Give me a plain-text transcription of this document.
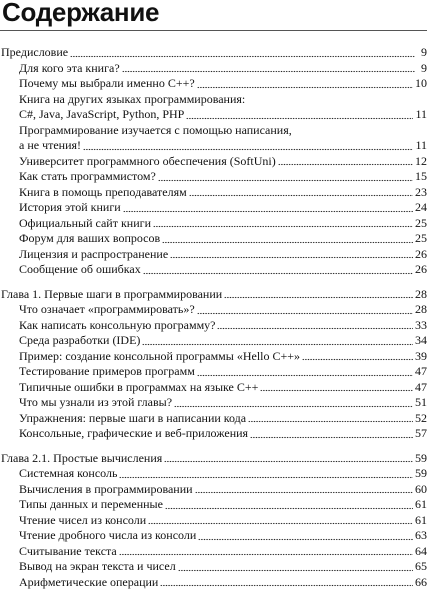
Содержание
Предисловие	9
Для кого эта книга?	9
Почему мы выбрали именно C++?	10
Книга на других языках программирования:
C#, Java, JavaScript, Python, PHP	11
Программирование изучается с помощью написания,
а не чтения!	11
Университет программного обеспечения (SoftUni)	12
Как стать программистом?	15
Книга в помощь преподавателям	23
История этой книги	24
Официальный сайт книги	25
Форум для ваших вопросов	25
Лицензия и распространение	26
Сообщение об ошибках	26
Глава 1. Первые шаги в программировании	28
Что означает «программировать»?	28
Как написать консольную программу?	33
Среда разработки (IDE)	34
Пример: создание консольной программы «Hello C++»	39
Тестирование примеров программ	47
Типичные ошибки в программах на языке C++	47
Что мы узнали из этой главы?	51
Упражнения: первые шаги в написании кода	52
Консольные, графические и веб-приложения	57
Глава 2.1. Простые вычисления	59
Системная консоль	59
Вычисления в программировании	60
Типы данных и переменные	61
Чтение чисел из консоли	61
Чтение дробного числа из консоли	63
Считывание текста	64
Вывод на экран текста и чисел	65
Арифметические операции	66
